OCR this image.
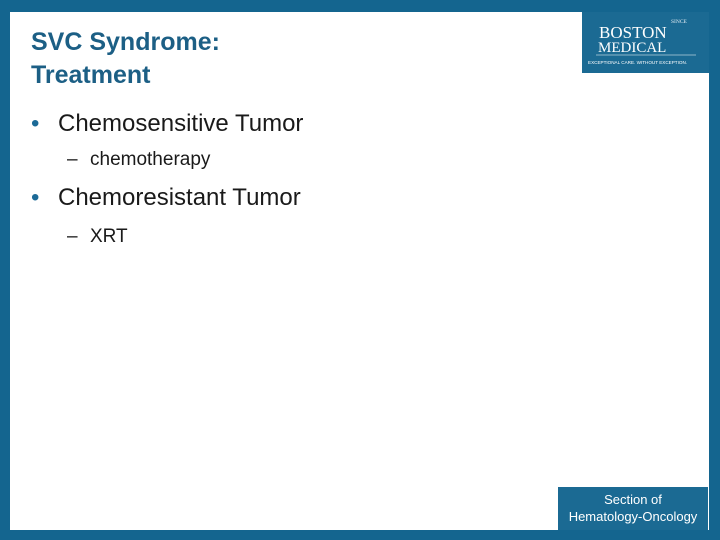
SVC Syndrome:
Treatment
SINCE
BOSTON
MEDICAL
EXCEPTIONAL CARE. WITHOUT EXCEPTION.
• Chemosensitive Tumor
– chemotherapy
• Chemoresistant Tumor
– XRT
Section of
Hematology-Oncology
